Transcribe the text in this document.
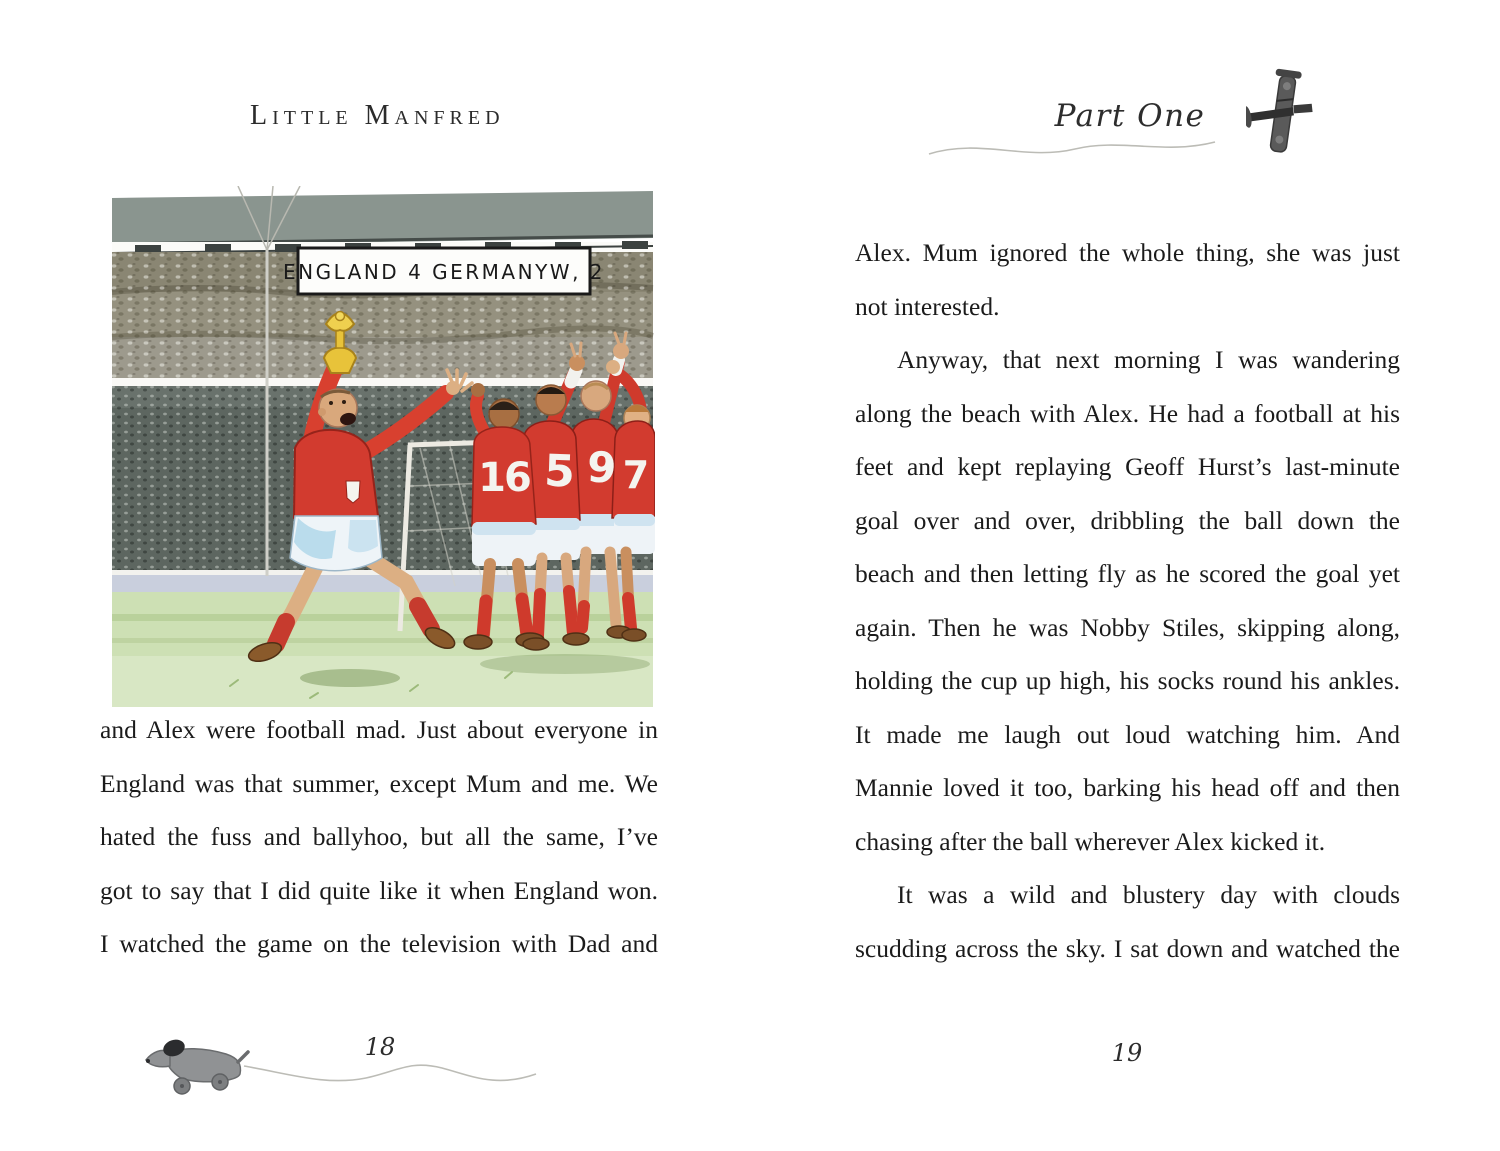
Little Manfred
ENGLAND 4 GERMANYW, 2
16 5 9 7
and Alex were football mad. Just about everyone in
England was that summer, except Mum and me. We
hated the fuss and ballyhoo, but all the same, I’ve
got to say that I did quite like it when England won.
I watched the game on the television with Dad and
18
Part One
Alex. Mum ignored the whole thing, she was just
not interested.
Anyway, that next morning I was wandering
along the beach with Alex. He had a football at his
feet and kept replaying Geoff Hurst’s last-minute
goal over and over, dribbling the ball down the
beach and then letting fly as he scored the goal yet
again. Then he was Nobby Stiles, skipping along,
holding the cup up high, his socks round his ankles.
It made me laugh out loud watching him. And
Mannie loved it too, barking his head off and then
chasing after the ball wherever Alex kicked it.
It was a wild and blustery day with clouds
scudding across the sky. I sat down and watched the
19
